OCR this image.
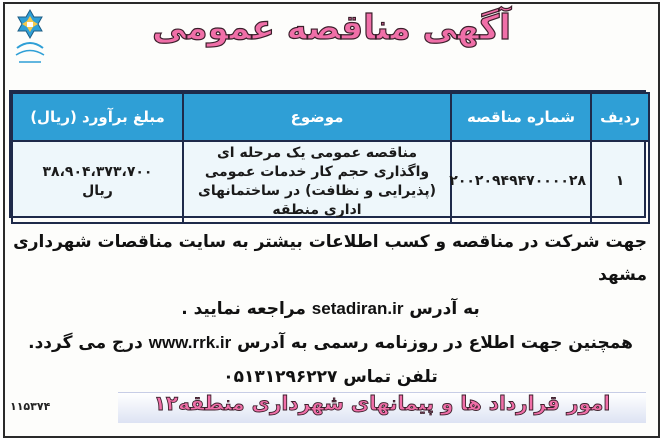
آگهی مناقصه عمومی
ردیف	شماره مناقصه	موضوع	مبلغ برآورد (ریال)
۱	۲۰۰۲۰۹۴۹۴۷۰۰۰۰۲۸	مناقصه عمومی یک مرحله ای واگذاری حجم کار خدمات عمومی (پذیرایی و نظافت) در ساختمانهای اداری منطقه	۳۸،۹۰۴،۳۷۳،۷۰۰
ریال

جهت شرکت در مناقصه و کسب اطلاعات بیشتر به سایت مناقصات شهرداری مشهد

به آدرس setadiran.ir مراجعه نمایید .

همچنین جهت اطلاع در روزنامه رسمی به آدرس www.rrk.ir درج می گردد.

تلفن تماس ۰۵۱۳۱۲۹۶۲۲۷

امور قرارداد ها و پیمانهای شهرداری منطقه۱۲
۱۱۵۳۷۴
